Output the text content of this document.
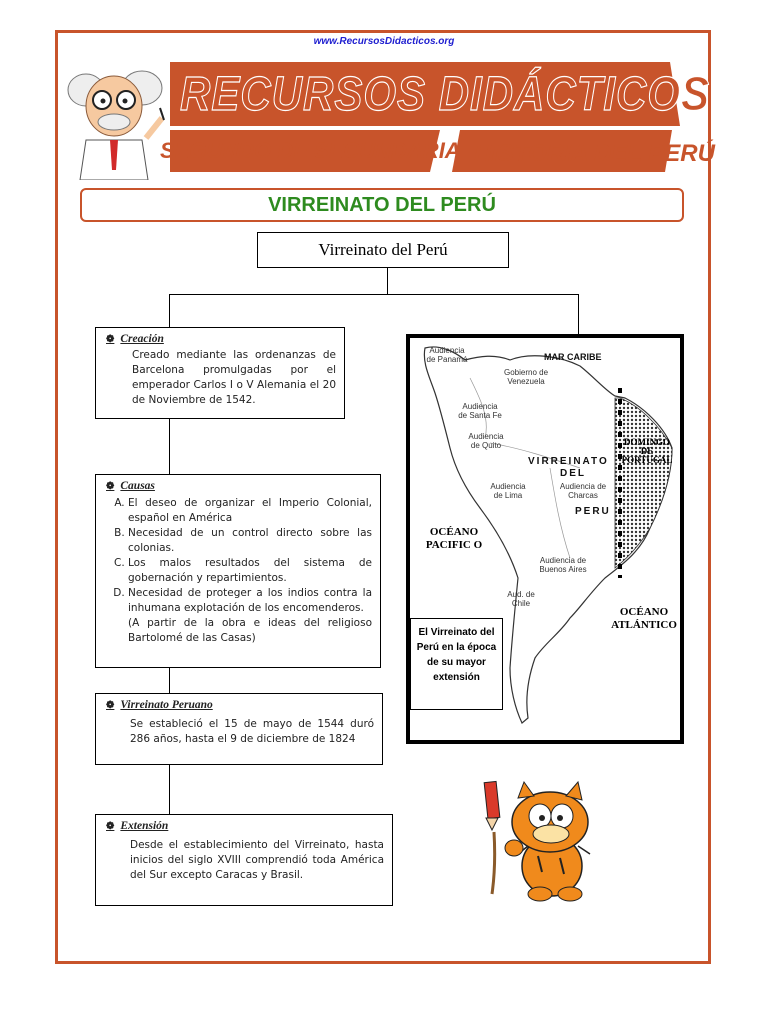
www.RecursosDidacticos.org
RECURSOS DIDÁCTICOS
SEGUNDO DE SECUNDARIA HISTORIA DEL PERÚ
VIRREINATO DEL PERÚ
Virreinato del Perú
❁ Creación
Creado mediante las ordenanzas de Barcelona promulgadas por el emperador Carlos I o V Alemania el 20 de Noviembre de 1542.
❁ Causas
A. El deseo de organizar el Imperio Colonial, español en América
B. Necesidad de un control directo sobre las colonias.
C. Los malos resultados del sistema de gobernación y repartimientos.
D. Necesidad de proteger a los indios contra la inhumana explotación de los encomenderos.
(A partir de la obra e ideas del religioso Bartolomé de las Casas)
❁ Virreinato Peruano
Se estableció el 15 de mayo de 1544 duró 286 años, hasta el 9 de diciembre de 1824
❁ Extensión
Desde el establecimiento del Virreinato, hasta inicios del siglo XVIII comprendió toda América del Sur excepto Caracas y Brasil.
Audiencia de Panamá	MAR CARIBE
Gobierno de Venezuela
Audiencia de Santa Fe
Audiencia de Quito	DOMINGO DE PORTUGAL
VIRREINATO
DEL
PERU
Audiencia de Lima
Audiencia de Charcas
OCÉANO PACIFIC O
Audiencia de Buenos Aires
Aud. de Chile
OCÉANO ATLÁNTICO
El Virreinato del Perú en la época de su mayor extensión
